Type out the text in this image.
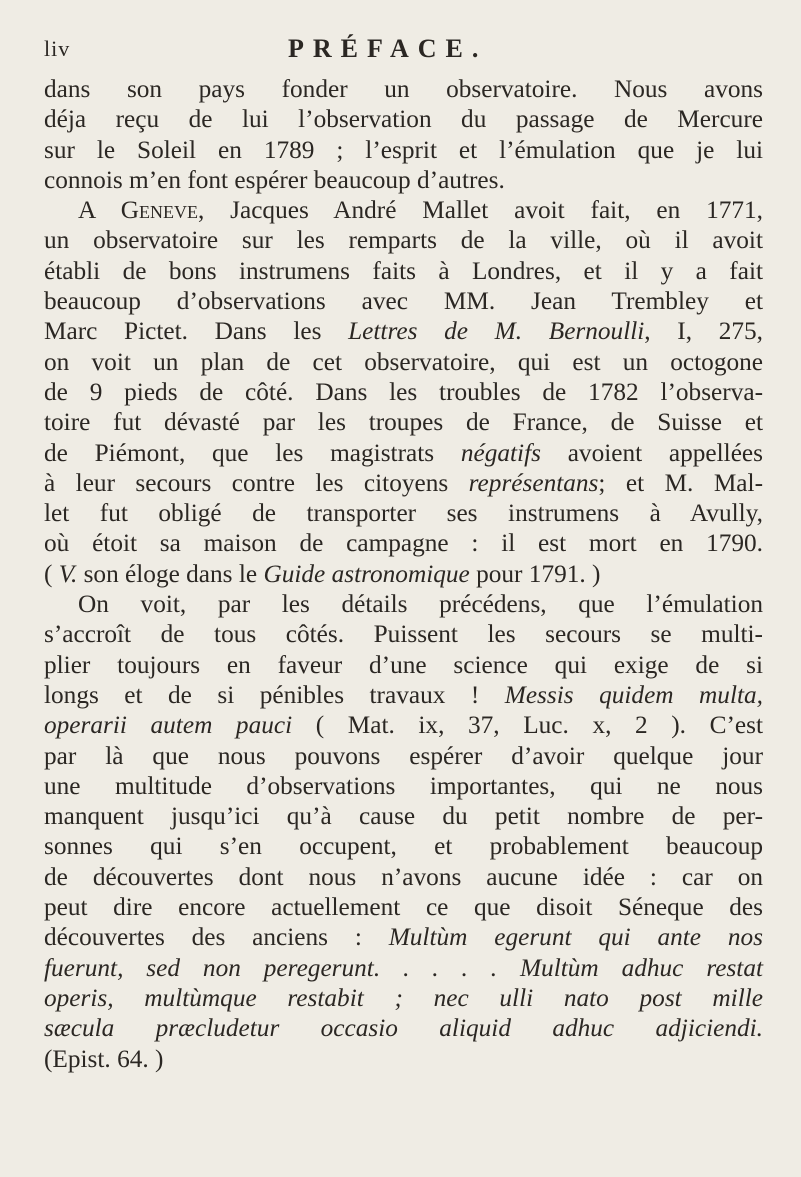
liv	PRÉFACE.
dans son pays fonder un observatoire. Nous avons
déja reçu de lui l’observation du passage de Mercure
sur le Soleil en 1789 ; l’esprit et l’émulation que je lui
connois m’en font espérer beaucoup d’autres.
A Geneve, Jacques André Mallet avoit fait, en 1771,
un observatoire sur les remparts de la ville, où il avoit
établi de bons instrumens faits à Londres, et il y a fait
beaucoup d’observations avec MM. Jean Trembley et
Marc Pictet. Dans les Lettres de M. Bernoulli, I, 275,
on voit un plan de cet observatoire, qui est un octogone
de 9 pieds de côté. Dans les troubles de 1782 l’observa-
toire fut dévasté par les troupes de France, de Suisse et
de Piémont, que les magistrats négatifs avoient appellées
à leur secours contre les citoyens représentans; et M. Mal-
let fut obligé de transporter ses instrumens à Avully,
où étoit sa maison de campagne : il est mort en 1790.
( V. son éloge dans le Guide astronomique pour 1791. )
On voit, par les détails précédens, que l’émulation
s’accroît de tous côtés. Puissent les secours se multi-
plier toujours en faveur d’une science qui exige de si
longs et de si pénibles travaux ! Messis quidem multa,
operarii autem pauci ( Mat. ix, 37, Luc. x, 2 ). C’est
par là que nous pouvons espérer d’avoir quelque jour
une multitude d’observations importantes, qui ne nous
manquent jusqu’ici qu’à cause du petit nombre de per-
sonnes qui s’en occupent, et probablement beaucoup
de découvertes dont nous n’avons aucune idée : car on
peut dire encore actuellement ce que disoit Séneque des
découvertes des anciens : Multùm egerunt qui ante nos
fuerunt, sed non peregerunt. . . . . Multùm adhuc restat
operis, multùmque restabit ; nec ulli nato post mille
sæcula præcludetur occasio aliquid adhuc adjiciendi.
(Epist. 64. )
